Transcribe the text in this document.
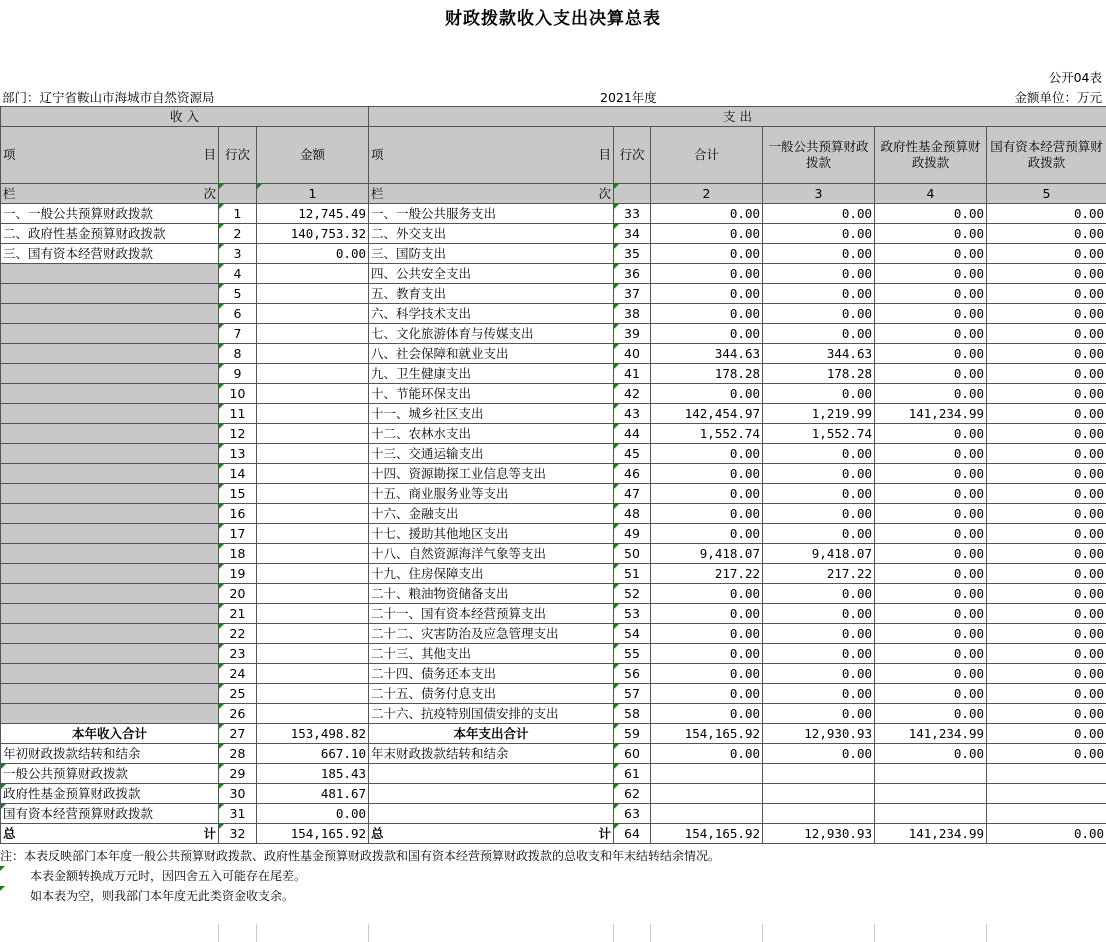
财政拨款收入支出决算总表
公开04表
部门：辽宁省鞍山市海城市自然资源局	2021年度	金额单位：万元
收 入			支 出					

项 目	行次	金额	项 目	行次	合计	一般公共预算财政拨款	政府性基金预算财政拨款	国有资本经营预算财政拨款

栏 次		1	栏 次		2	3	4	5
一、一般公共预算财政拨款	1	12,745.49	一、一般公共服务支出	33	0.00	0.00	0.00	0.00
二、政府性基金预算财政拨款	2	140,753.32	二、外交支出	34	0.00	0.00	0.00	0.00
三、国有资本经营财政拨款	3	0.00	三、国防支出	35	0.00	0.00	0.00	0.00
	4		四、公共安全支出	36	0.00	0.00	0.00	0.00
	5		五、教育支出	37	0.00	0.00	0.00	0.00
	6		六、科学技术支出	38	0.00	0.00	0.00	0.00
	7		七、文化旅游体育与传媒支出	39	0.00	0.00	0.00	0.00
	8		八、社会保障和就业支出	40	344.63	344.63	0.00	0.00
	9		九、卫生健康支出	41	178.28	178.28	0.00	0.00
	10		十、节能环保支出	42	0.00	0.00	0.00	0.00
	11		十一、城乡社区支出	43	142,454.97	1,219.99	141,234.99	0.00
	12		十二、农林水支出	44	1,552.74	1,552.74	0.00	0.00
	13		十三、交通运输支出	45	0.00	0.00	0.00	0.00
	14		十四、资源勘探工业信息等支出	46	0.00	0.00	0.00	0.00
	15		十五、商业服务业等支出	47	0.00	0.00	0.00	0.00
	16		十六、金融支出	48	0.00	0.00	0.00	0.00
	17		十七、援助其他地区支出	49	0.00	0.00	0.00	0.00
	18		十八、自然资源海洋气象等支出	50	9,418.07	9,418.07	0.00	0.00
	19		十九、住房保障支出	51	217.22	217.22	0.00	0.00
	20		二十、粮油物资储备支出	52	0.00	0.00	0.00	0.00
	21		二十一、国有资本经营预算支出	53	0.00	0.00	0.00	0.00
	22		二十二、灾害防治及应急管理支出	54	0.00	0.00	0.00	0.00
	23		二十三、其他支出	55	0.00	0.00	0.00	0.00
	24		二十四、债务还本支出	56	0.00	0.00	0.00	0.00
	25		二十五、债务付息支出	57	0.00	0.00	0.00	0.00
	26		二十六、抗疫特别国债安排的支出	58	0.00	0.00	0.00	0.00
本年收入合计	27	153,498.82	本年支出合计	59	154,165.92	12,930.93	141,234.99	0.00
年初财政拨款结转和结余	28	667.10	年末财政拨款结转和结余	60	0.00	0.00	0.00	0.00
一般公共预算财政拨款	29	185.43		61				
政府性基金预算财政拨款	30	481.67		62				
国有资本经营预算财政拨款	31	0.00		63				

总 计	32	154,165.92	总 计	64	154,165.92	12,930.93	141,234.99	0.00
注：本表反映部门本年度一般公共预算财政拨款、政府性基金预算财政拨款和国有资本经营预算财政拨款的总收支和年末结转结余情况。
本表金额转换成万元时，因四舍五入可能存在尾差。
如本表为空，则我部门本年度无此类资金收支余。
